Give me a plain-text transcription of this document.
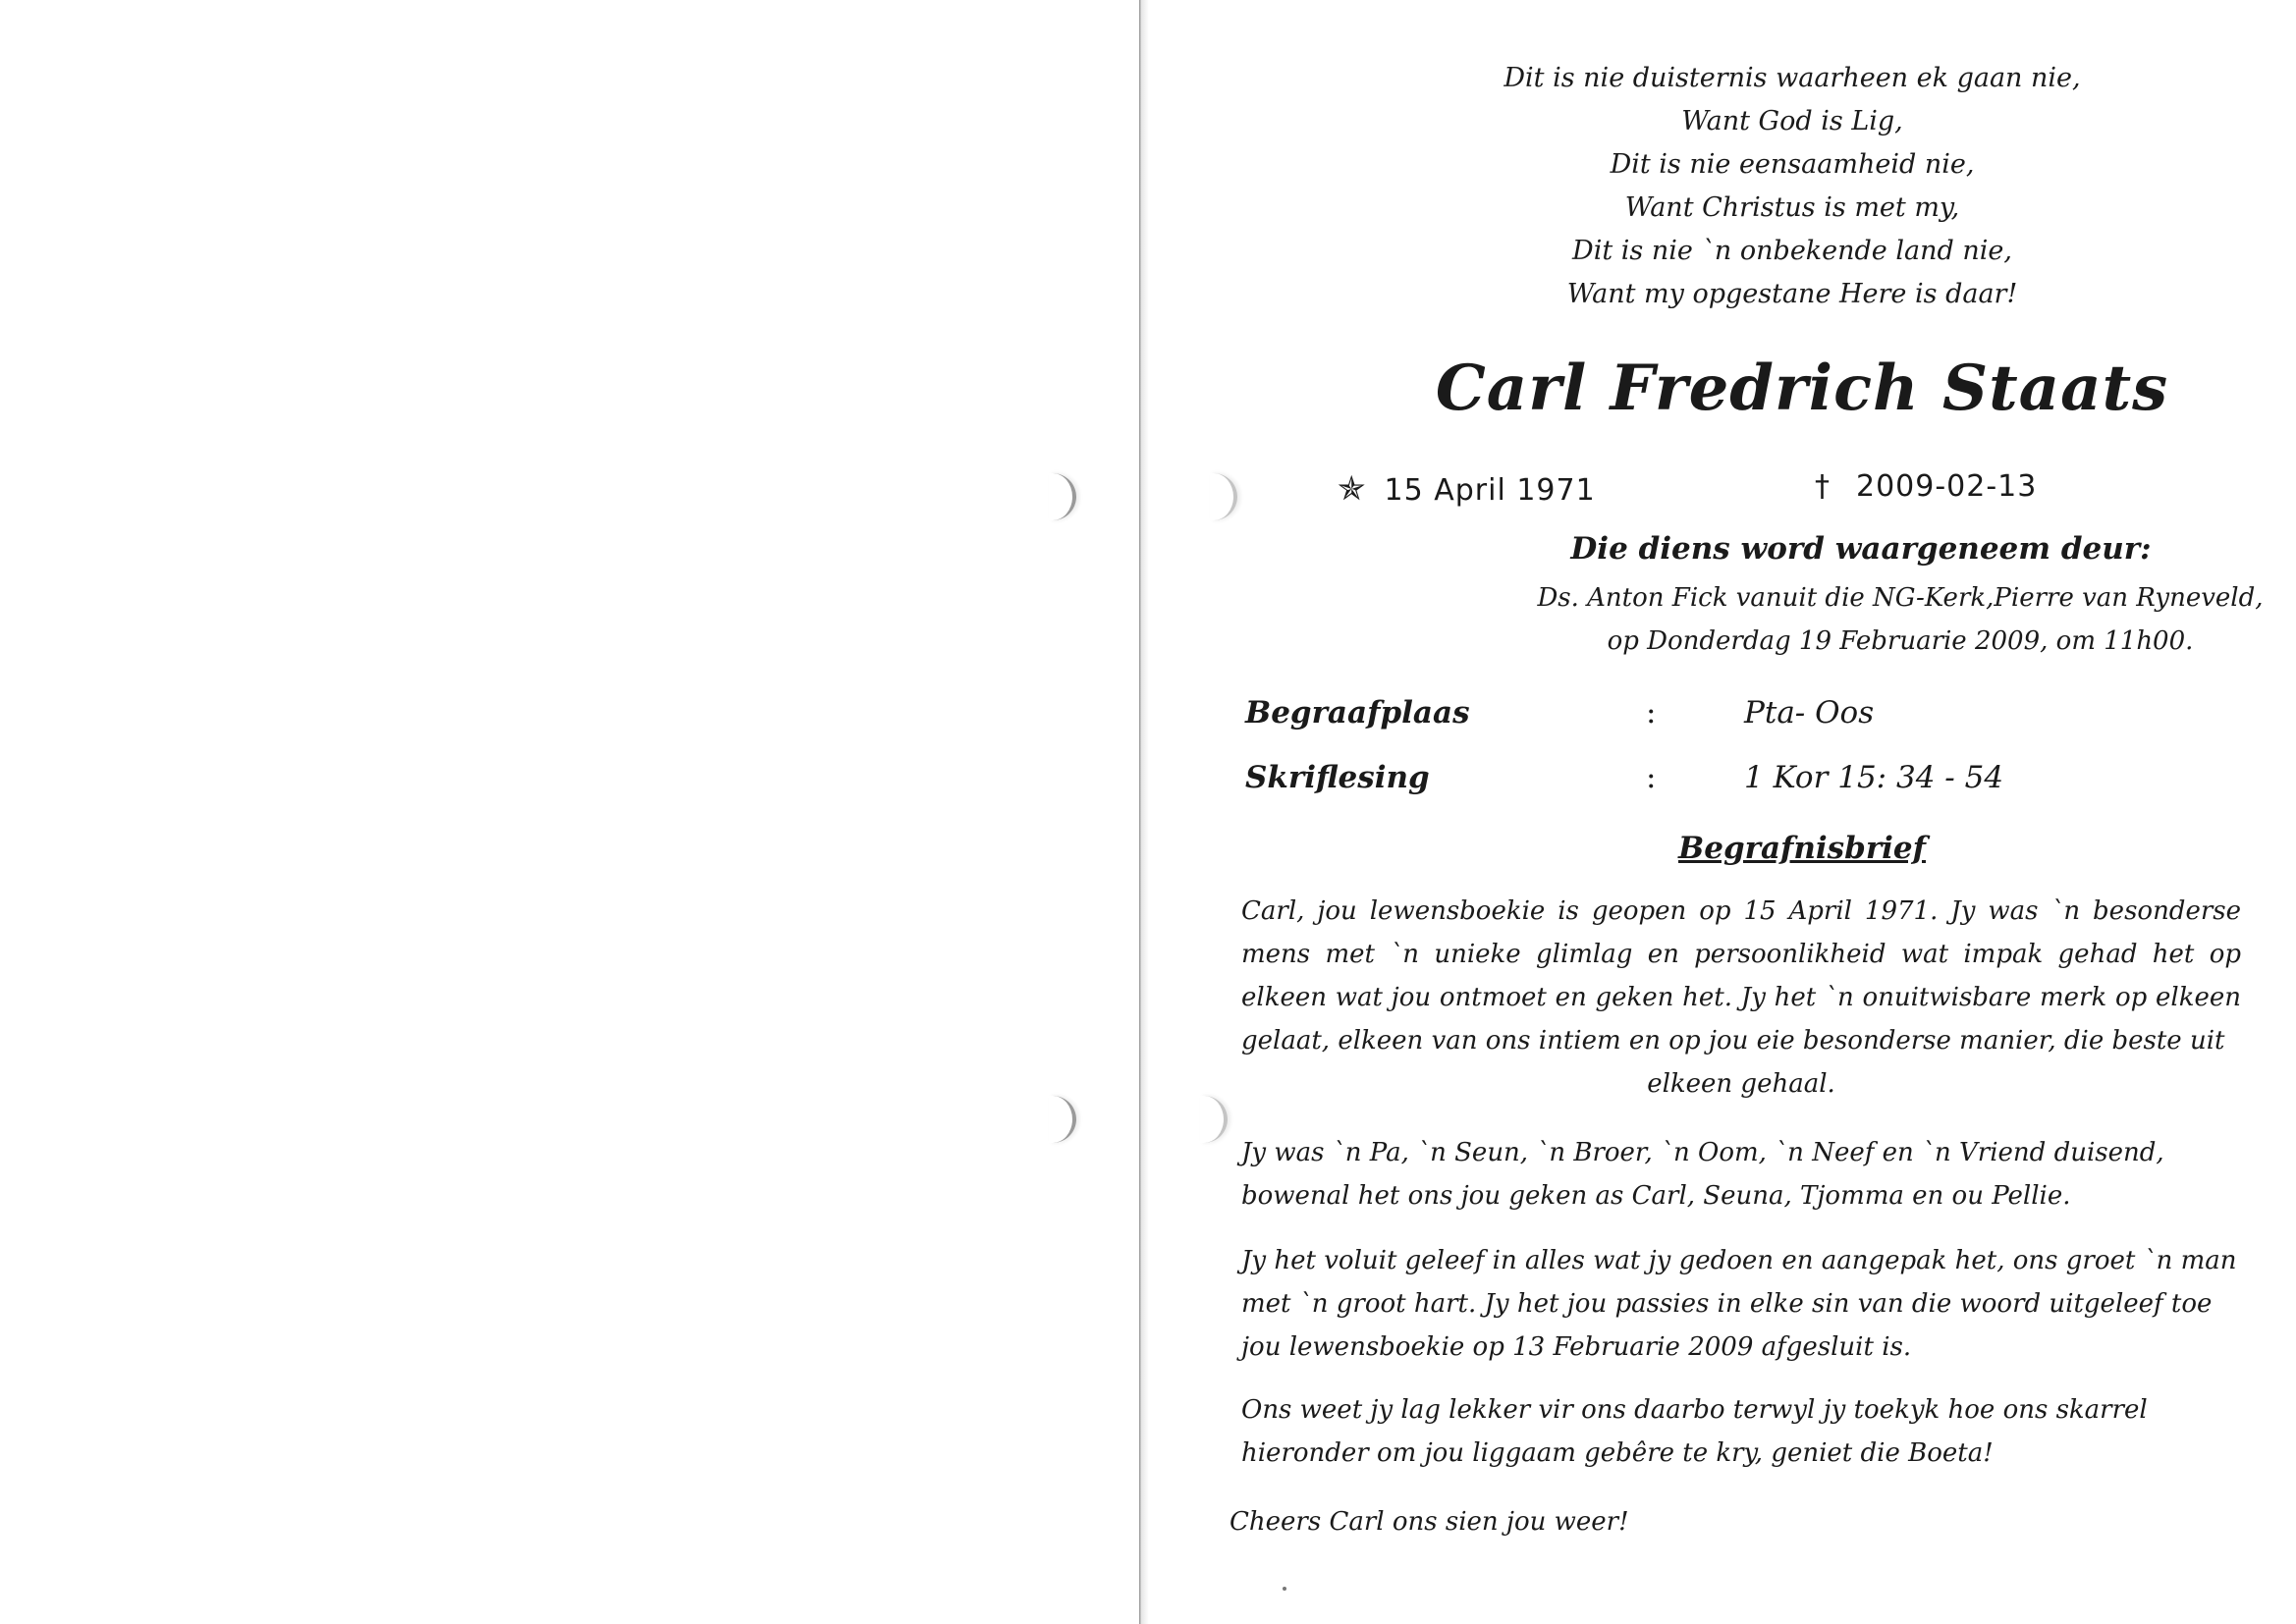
Dit is nie duisternis waarheen ek gaan nie,
Want God is Lig,
Dit is nie eensaamheid nie,
Want Christus is met my,
Dit is nie `n onbekende land nie,
Want my opgestane Here is daar!
Carl Fredrich Staats
✯ 15 April 1971	† 2009-02-13
Die diens word waargeneem deur:
Ds. Anton Fick vanuit die NG-Kerk,Pierre van Ryneveld,
op Donderdag 19 Februarie 2009, om 11h00.
Begraafplaas	:	Pta- Oos
Skriflesing	:	1 Kor 15: 34 - 54
Begrafnisbrief
Carl, jou lewensboekie is geopen op 15 April 1971. Jy was `n besonderse mens met `n unieke glimlag en persoonlikheid wat impak gehad het op elkeen wat jou ontmoet en geken het. Jy het `n onuitwisbare merk op elkeen gelaat, elkeen van ons intiem en op jou eie besonderse manier, die beste uit
elkeen gehaal.
Jy was `n Pa, `n Seun, `n Broer, `n Oom, `n Neef en `n Vriend duisend, bowenal het ons jou geken as Carl, Seuna, Tjomma en ou Pellie.
Jy het voluit geleef in alles wat jy gedoen en aangepak het, ons groet `n man met `n groot hart. Jy het jou passies in elke sin van die woord uitgeleef toe jou lewensboekie op 13 Februarie 2009 afgesluit is.
Ons weet jy lag lekker vir ons daarbo terwyl jy toekyk hoe ons skarrel hieronder om jou liggaam gebêre te kry, geniet die Boeta!
Cheers Carl ons sien jou weer!
